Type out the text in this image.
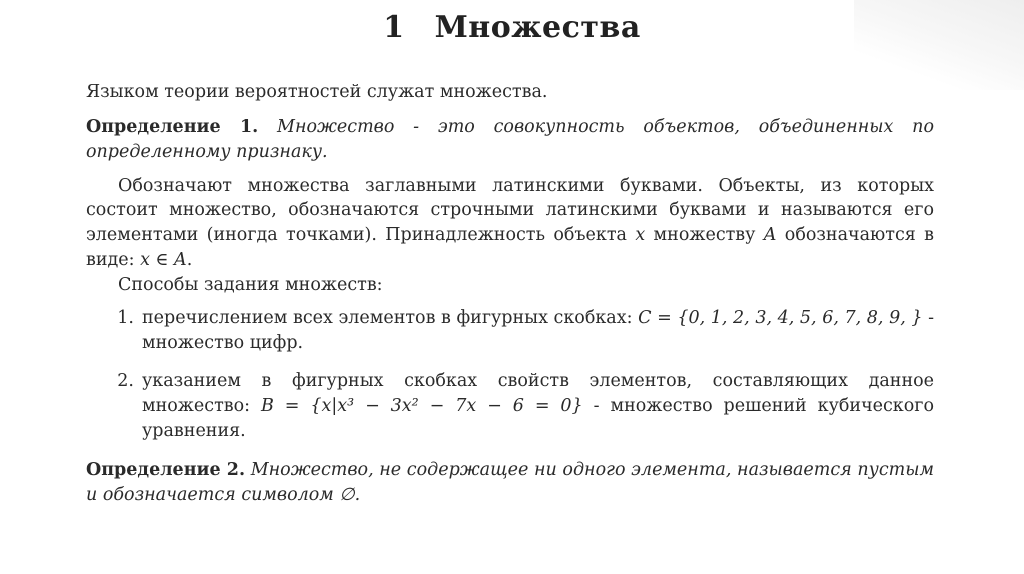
1 Множества

Языком теории вероятностей служат множества.

Определение 1. Множество - это совокупность объектов, объединенных по определенному признаку.

Обозначают множества заглавными латинскими буквами. Объекты, из которых состоит множество, обозначаются строчными латинскими буквами и называются его элементами (иногда точками). Принадлежность объекта x множеству A обозначаются в виде: x ∈ A.

Способы задания множеств:

1. перечислением всех элементов в фигурных скобках: C = {0, 1, 2, 3, 4, 5, 6, 7, 8, 9, } - множество цифр.
2. указанием в фигурных скобках свойств элементов, составляющих данное множество: B = {x|x³ − 3x² − 7x − 6 = 0} - множество решений кубического уравнения.

Определение 2. Множество, не содержащее ни одного элемента, называется пустым и обозначается символом ∅.
